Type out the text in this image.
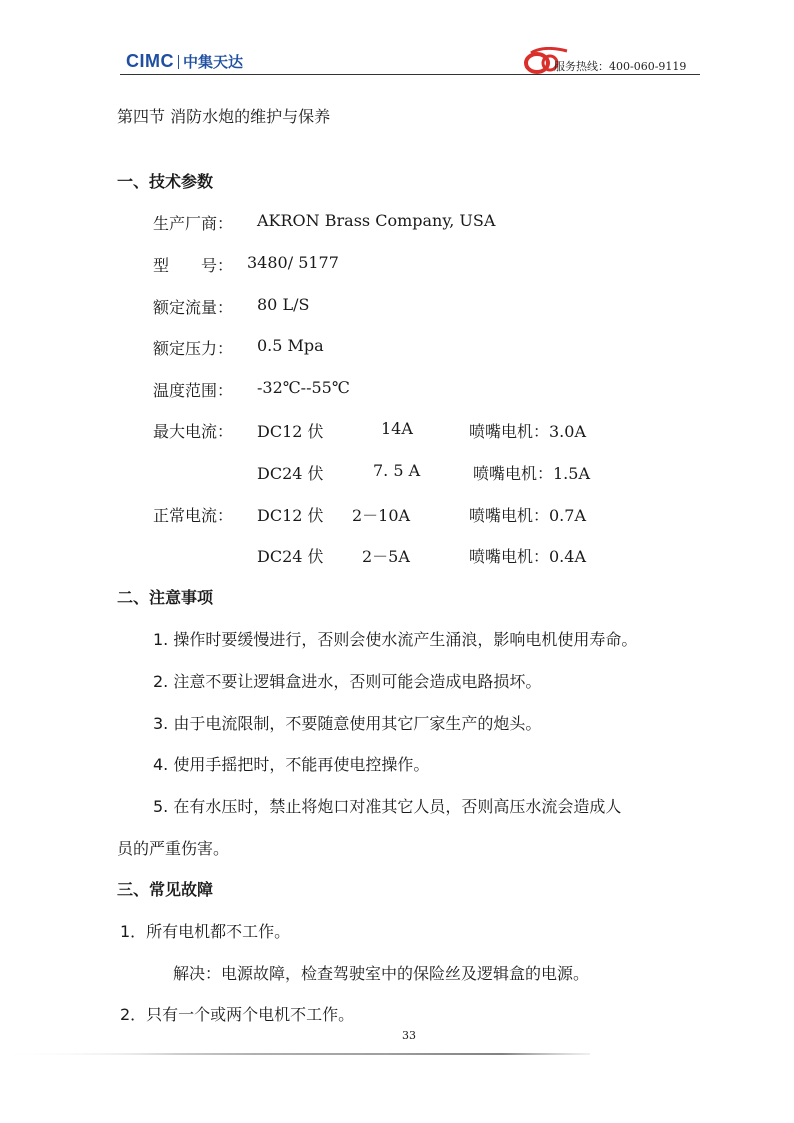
CIMC 中集天达	服务热线：400-060-9119
第四节 消防水炮的维护与保养
一、技术参数
生产厂商： AKRON Brass Company, USA
型　　号： 3480/ 5177
额定流量： 80 L/S
额定压力： 0.5 Mpa
温度范围： -32℃--55℃
最大电流： DC12 伏	14A	喷嘴电机：3.0A
DC24 伏	7. 5 A	喷嘴电机：1.5A
正常电流： DC12 伏 2－10A	喷嘴电机：0.7A
DC24 伏 2－5A	喷嘴电机：0.4A
二、注意事项
1. 操作时要缓慢进行，否则会使水流产生涌浪，影响电机使用寿命。
2. 注意不要让逻辑盒进水，否则可能会造成电路损坏。
3. 由于电流限制，不要随意使用其它厂家生产的炮头。
4. 使用手摇把时，不能再使电控操作。
5. 在有水压时，禁止将炮口对准其它人员，否则高压水流会造成人
员的严重伤害。
三、常见故障
1．所有电机都不工作。
解决：电源故障，检查驾驶室中的保险丝及逻辑盒的电源。
2．只有一个或两个电机不工作。
33
